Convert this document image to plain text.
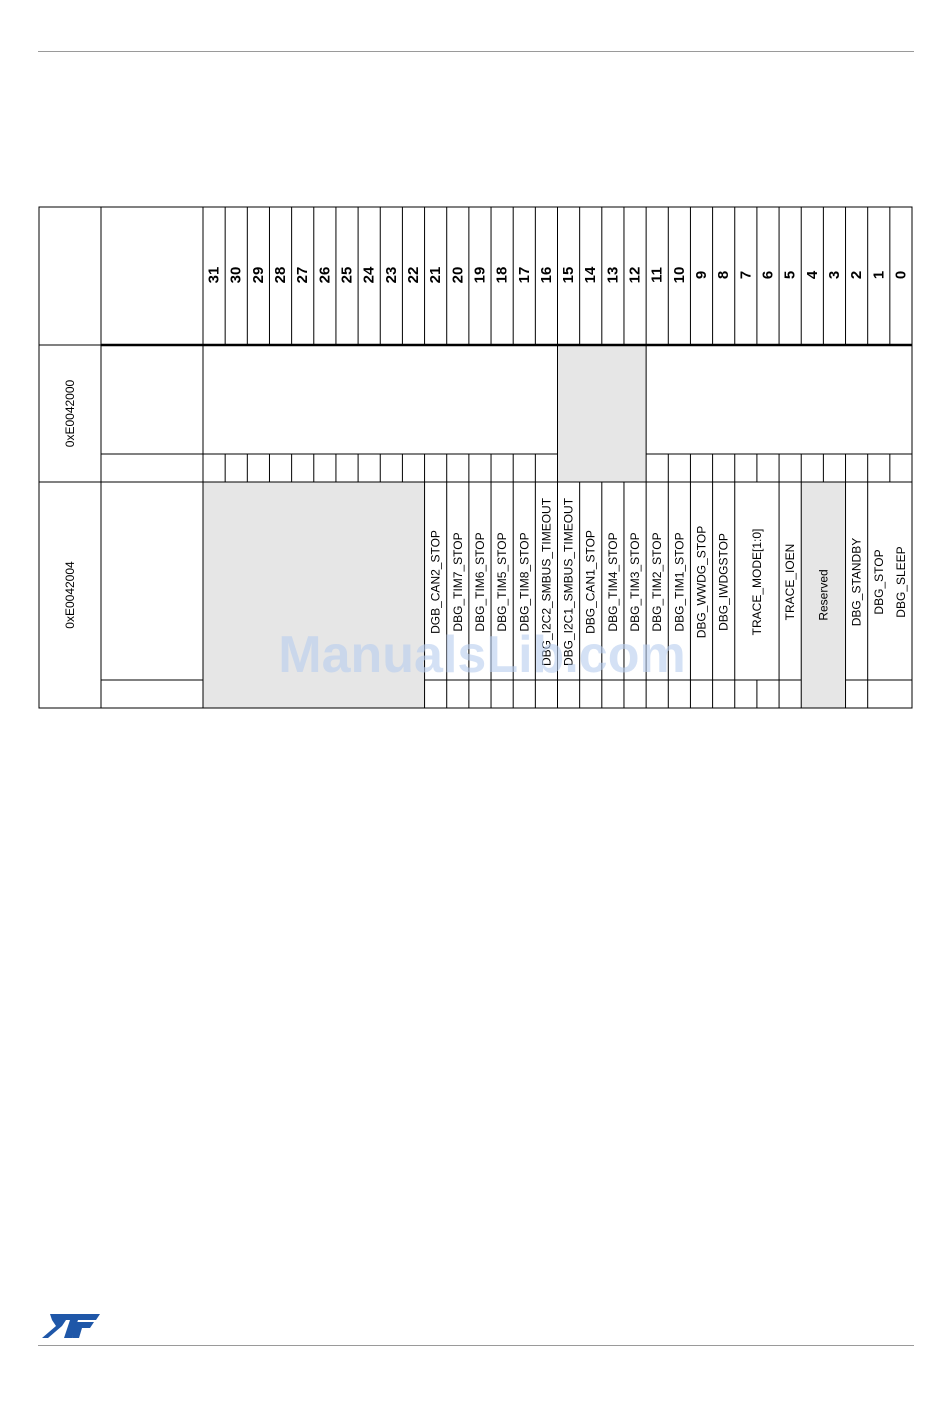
31 30 29 28 27 26 25 24 23 22 21 20 19 18 17 16 15 14 13 12 11 10 9 8 7 6 5 4 3 2 1 0
0xE0042000
0xE0042004	DGB_CAN2_STOP DBG_TIM7_STOP DBG_TIM6_STOP DBG_TIM5_STOP DBG_TIM8_STOP DBG_I2C2_SMBUS_TIMEOUT DBG_I2C1_SMBUS_TIMEOUT DBG_CAN1_STOP DBG_TIM4_STOP DBG_TIM3_STOP DBG_TIM2_STOP DBG_TIM1_STOP DBG_WWDG_STOP DBG_IWDGSTOP TRACE_MODE[1:0] TRACE_IOEN Reserved DBG_STANDBY DBG_STOP DBG_SLEEP
ManualsLib.com
